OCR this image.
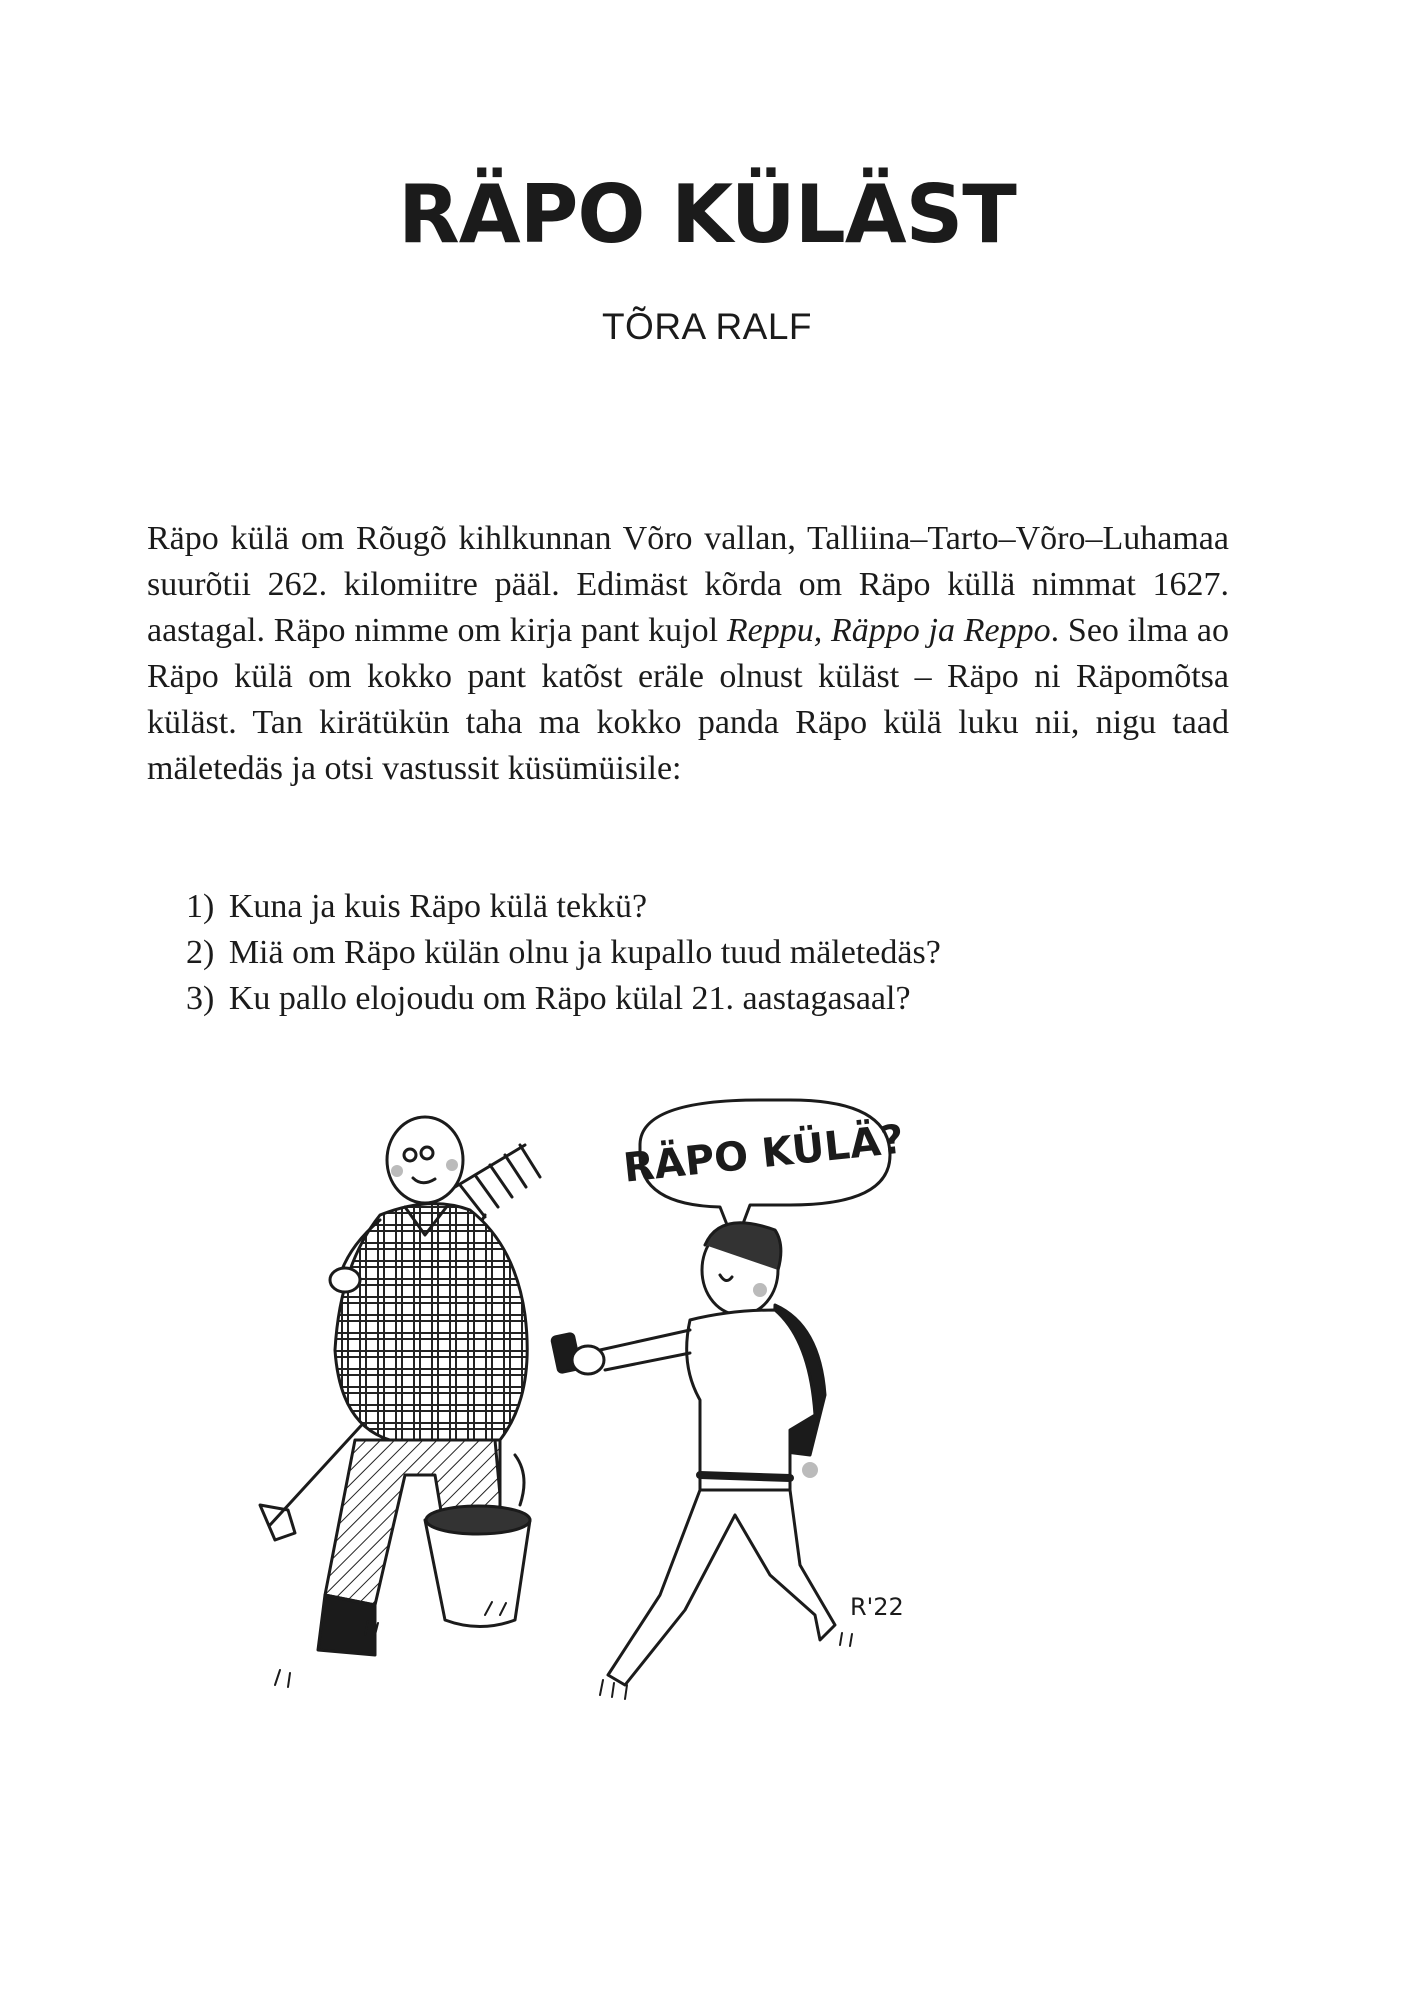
RÄPO KÜLÄST

TÕRA RALF

Räpo külä om Rõugõ kihlkunnan Võro vallan, Talliina–Tarto–Võro–Luhamaa suurõtii 262. kilomiitre pääl. Edimäst kõrda om Räpo küllä nimmat 1627. aastagal. Räpo nimme om kirja pant kujol Reppu, Räppo ja Reppo. Seo ilma ao Räpo külä om kokko pant katõst eräle olnust küläst – Räpo ni Räpomõtsa küläst. Tan kirätükün taha ma kokko panda Räpo külä luku nii, nigu taad mäletedäs ja otsi vastussit küsümüisile:

1) Kuna ja kuis Räpo külä tekkü?
2) Miä om Räpo külän olnu ja kupallo tuud mäletedäs?
3) Ku pallo elojoudu om Räpo külal 21. aastagasaal?
RÄPO KÜLÄ?
R'22
